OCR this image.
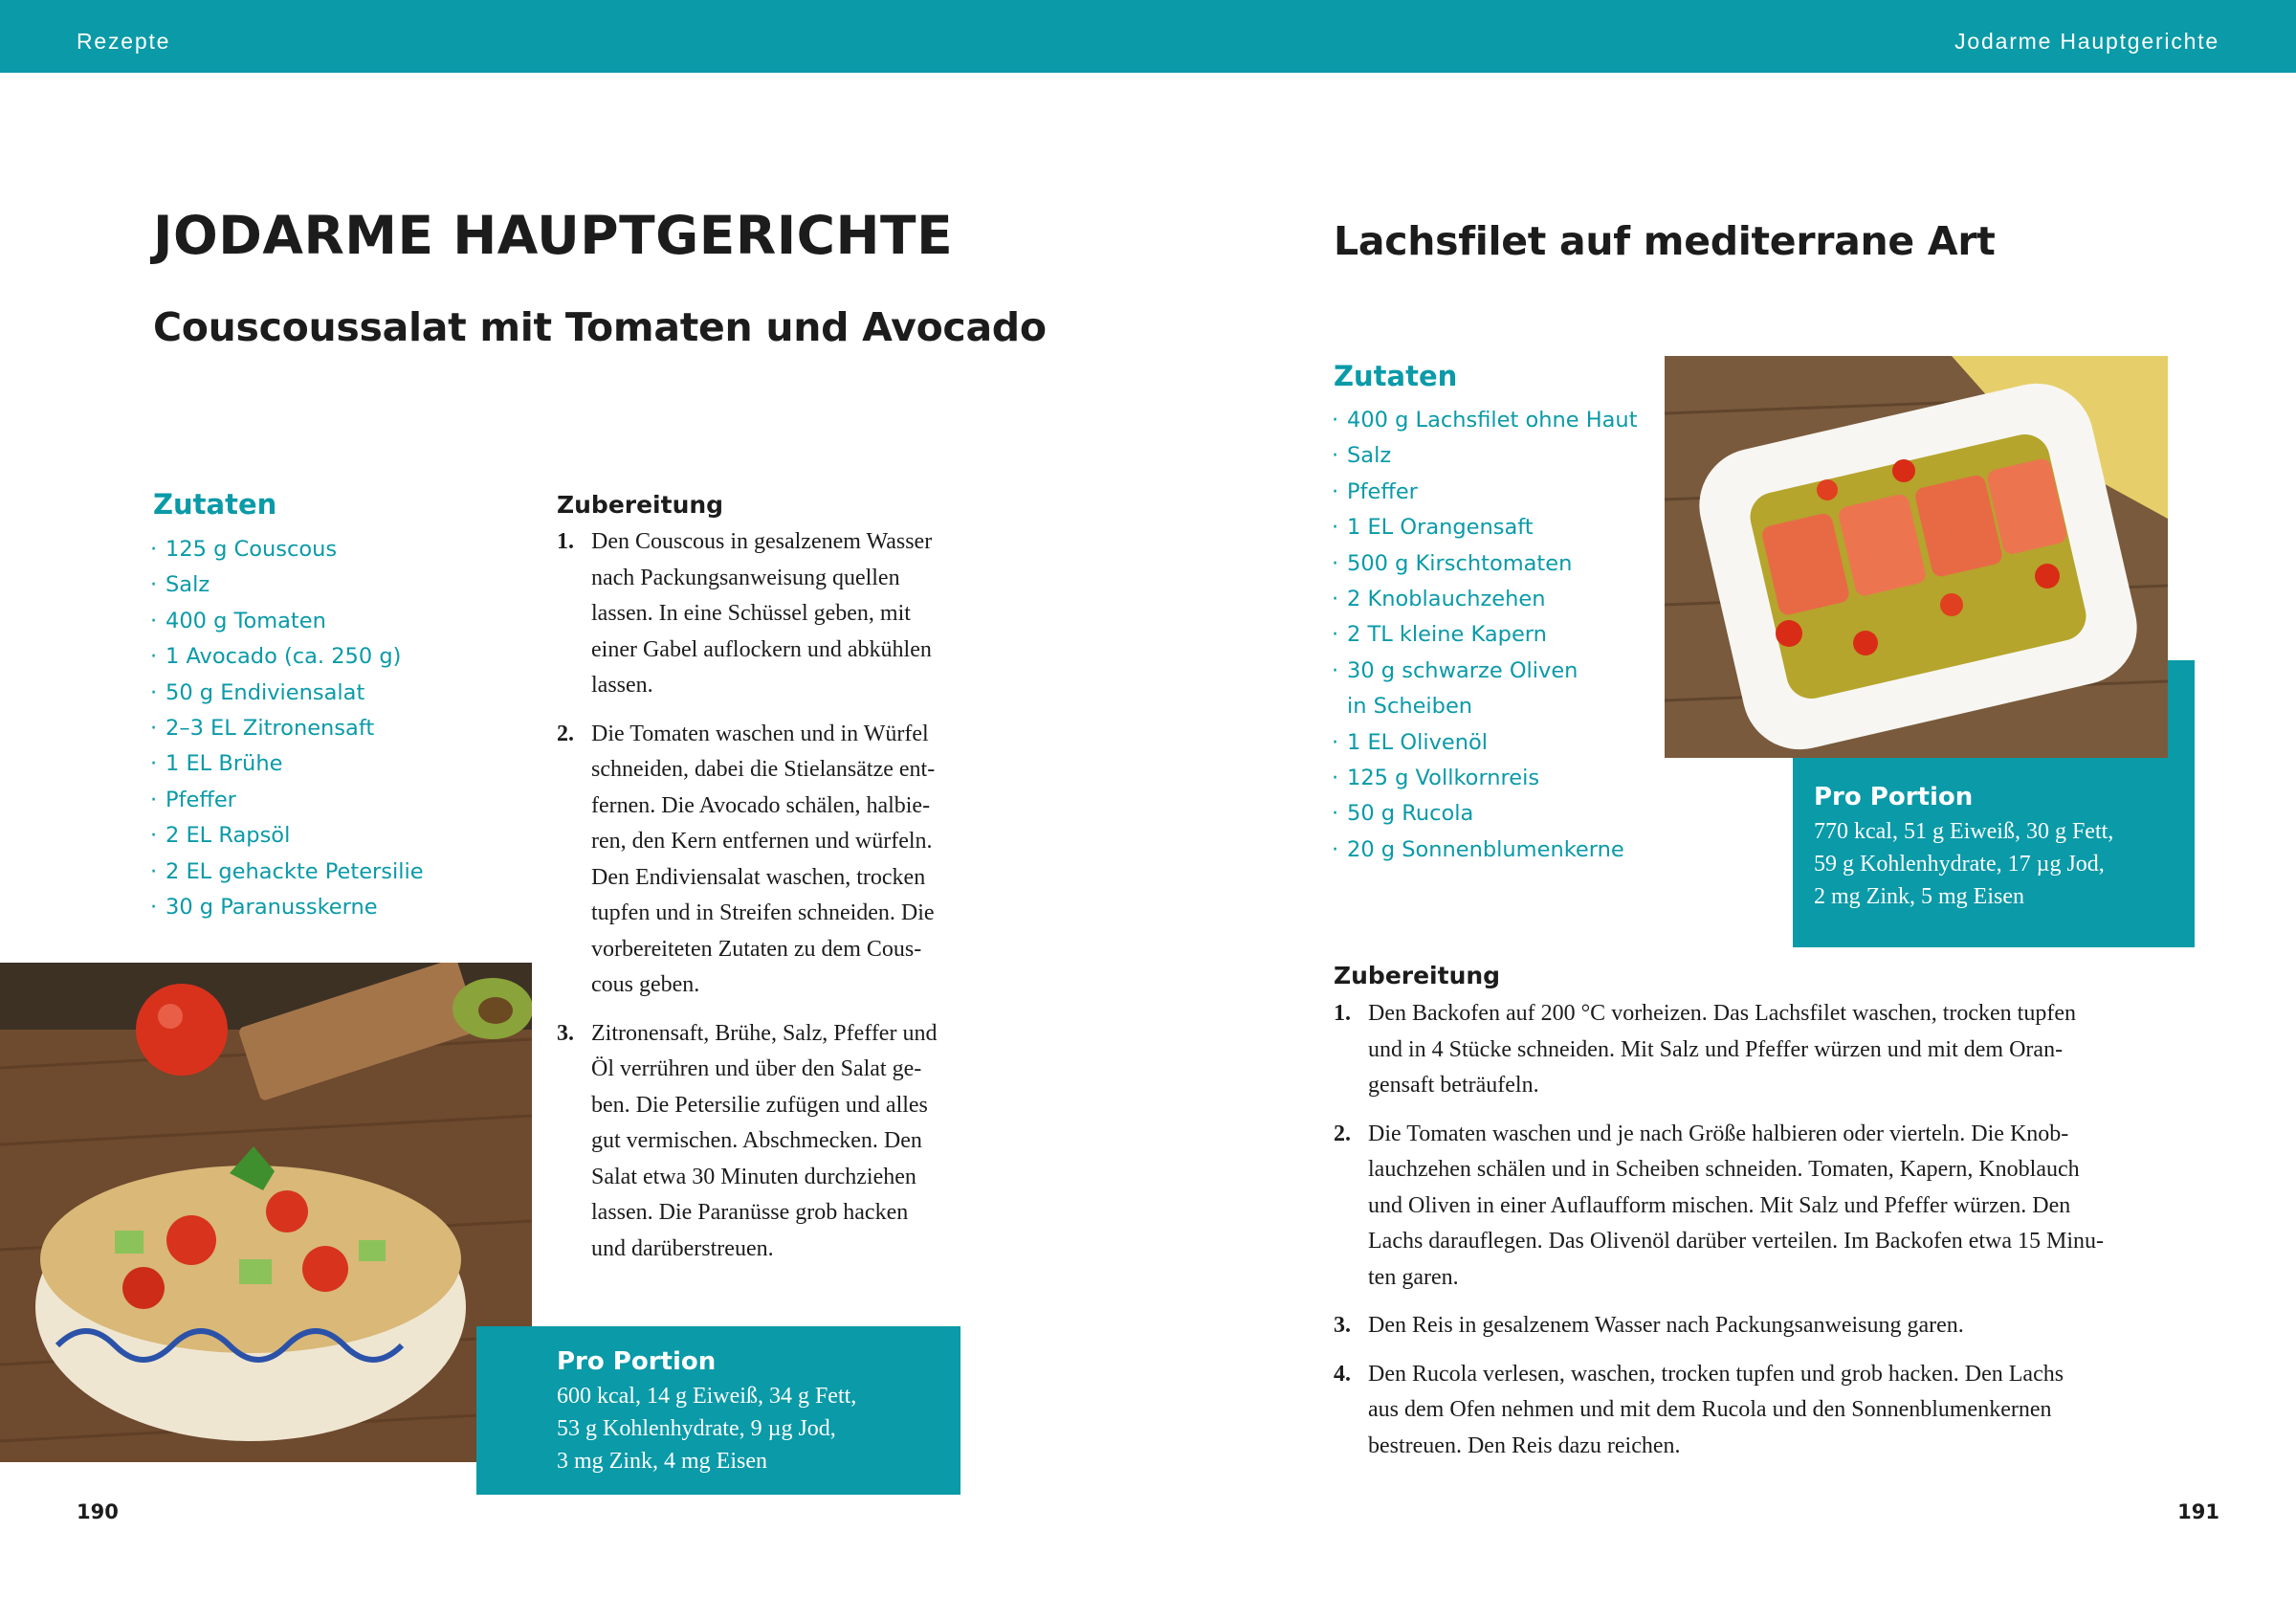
Rezepte	Jodarme Hauptgerichte
JODARME HAUPTGERICHTE
Couscoussalat mit Tomaten und Avocado
Zutaten
· 125 g Couscous
· Salz
· 400 g Tomaten
· 1 Avocado (ca. 250 g)
· 50 g Endiviensalat
· 2–3 EL Zitronensaft
· 1 EL Brühe
· Pfeffer
· 2 EL Rapsöl
· 2 EL gehackte Petersilie
· 30 g Paranusskerne
Zubereitung
1. Den Couscous in gesalzenem Wasser
nach Packungsanweisung quellen
lassen. In eine Schüssel geben, mit
einer Gabel auflockern und abkühlen
lassen.
2. Die Tomaten waschen und in Würfel
schneiden, dabei die Stielansätze ent-
fernen. Die Avocado schälen, halbie-
ren, den Kern entfernen und würfeln.
Den Endiviensalat waschen, trocken
tupfen und in Streifen schneiden. Die
vorbereiteten Zutaten zu dem Cous-
cous geben.
3. Zitronensaft, Brühe, Salz, Pfeffer und
Öl verrühren und über den Salat ge-
ben. Die Petersilie zufügen und alles
gut vermischen. Abschmecken. Den
Salat etwa 30 Minuten durchziehen
lassen. Die Paranüsse grob hacken
und darüberstreuen.
Pro Portion
600 kcal, 14 g Eiweiß, 34 g Fett,
53 g Kohlenhydrate, 9 µg Jod,
3 mg Zink, 4 mg Eisen
190
Lachsfilet auf mediterrane Art
Zutaten
· 400 g Lachsfilet ohne Haut
· Salz
· Pfeffer
· 1 EL Orangensaft
· 500 g Kirschtomaten
· 2 Knoblauchzehen
· 2 TL kleine Kapern
· 30 g schwarze Oliven
in Scheiben
· 1 EL Olivenöl
· 125 g Vollkornreis
· 50 g Rucola
· 20 g Sonnenblumenkerne
Pro Portion
770 kcal, 51 g Eiweiß, 30 g Fett,
59 g Kohlenhydrate, 17 µg Jod,
2 mg Zink, 5 mg Eisen
Zubereitung
1. Den Backofen auf 200 °C vorheizen. Das Lachsfilet waschen, trocken tupfen
und in 4 Stücke schneiden. Mit Salz und Pfeffer würzen und mit dem Oran-
gensaft beträufeln.
2. Die Tomaten waschen und je nach Größe halbieren oder vierteln. Die Knob-
lauchzehen schälen und in Scheiben schneiden. Tomaten, Kapern, Knoblauch
und Oliven in einer Auflaufform mischen. Mit Salz und Pfeffer würzen. Den
Lachs darauflegen. Das Olivenöl darüber verteilen. Im Backofen etwa 15 Minu-
ten garen.
3. Den Reis in gesalzenem Wasser nach Packungsanweisung garen.
4. Den Rucola verlesen, waschen, trocken tupfen und grob hacken. Den Lachs
aus dem Ofen nehmen und mit dem Rucola und den Sonnenblumenkernen
bestreuen. Den Reis dazu reichen.
191
